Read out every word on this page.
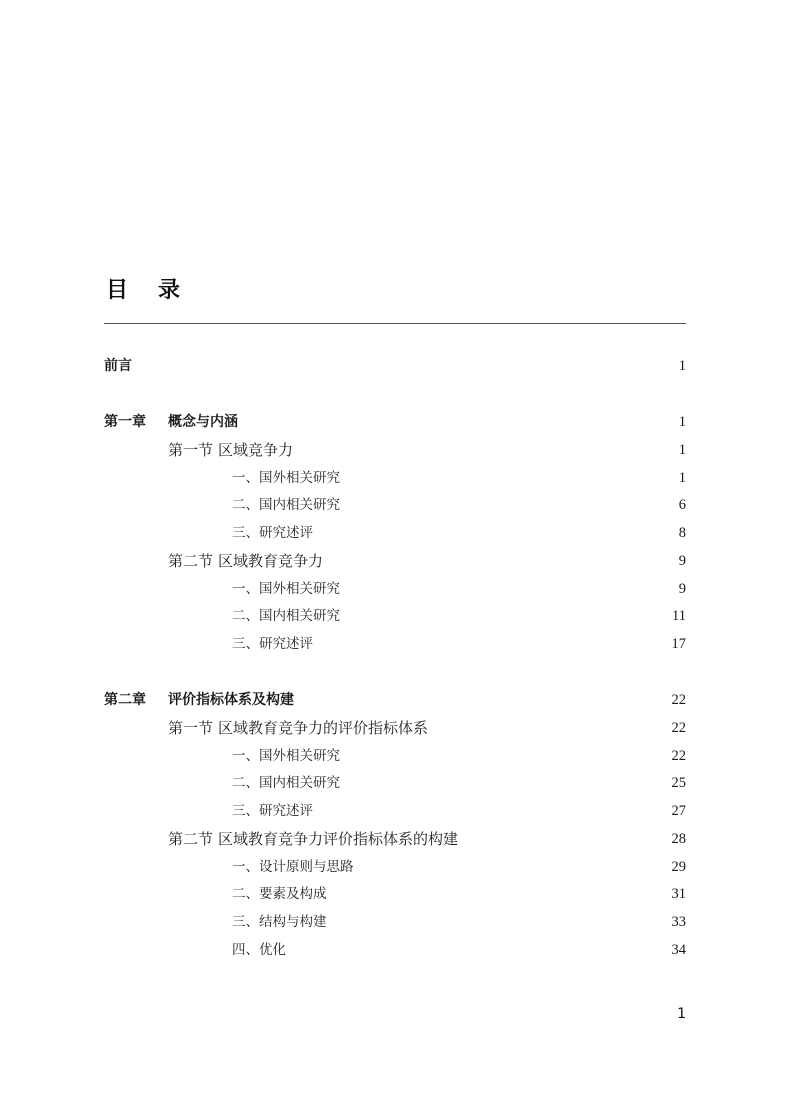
目 录
前言	1
第一章 概念与内涵	1
第一节 区域竞争力	1
一、国外相关研究	1
二、国内相关研究	6
三、研究述评	8
第二节 区域教育竞争力	9
一、国外相关研究	9
二、国内相关研究	11
三、研究述评	17
第二章 评价指标体系及构建	22
第一节 区域教育竞争力的评价指标体系	22
一、国外相关研究	22
二、国内相关研究	25
三、研究述评	27
第二节 区域教育竞争力评价指标体系的构建	28
一、设计原则与思路	29
二、要素及构成	31
三、结构与构建	33
四、优化	34
1
